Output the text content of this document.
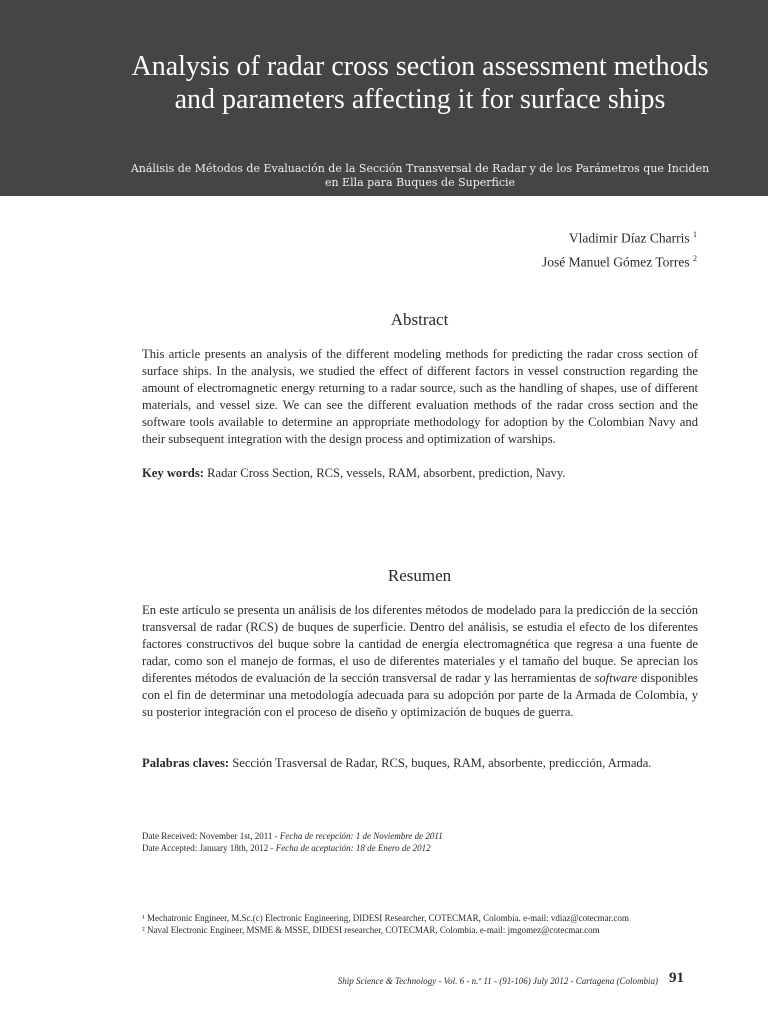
Analysis of radar cross section assessment methods and parameters affecting it for surface ships
Análisis de Métodos de Evaluación de la Sección Transversal de Radar y de los Parámetros que Inciden en Ella para Buques de Superficie
Vladimir Díaz Charris $^1$
José Manuel Gómez Torres $^2$
Abstract

This article presents an analysis of the different modeling methods for predicting the radar cross section of surface ships. In the analysis, we studied the effect of different factors in vessel construction regarding the amount of electromagnetic energy returning to a radar source, such as the handling of shapes, use of different materials, and vessel size. We can see the different evaluation methods of the radar cross section and the software tools available to determine an appropriate methodology for adoption by the Colombian Navy and their subsequent integration with the design process and optimization of warships.

Key words: Radar Cross Section, RCS, vessels, RAM, absorbent, prediction, Navy.

Resumen

En este artículo se presenta un análisis de los diferentes métodos de modelado para la predicción de la sección transversal de radar (RCS) de buques de superficie. Dentro del análisis, se estudia el efecto de los diferentes factores constructivos del buque sobre la cantidad de energía electromagnética que regresa a una fuente de radar, como son el manejo de formas, el uso de diferentes materiales y el tamaño del buque. Se aprecian los diferentes métodos de evaluación de la sección transversal de radar y las herramientas de software disponibles con el fin de determinar una metodología adecuada para su adopción por parte de la Armada de Colombia, y su posterior integración con el proceso de diseño y optimización de buques de guerra.

Palabras claves: Sección Trasversal de Radar, RCS, buques, RAM, absorbente, predicción, Armada.

Date Received: November 1st, 2011 - Fecha de recepción: 1 de Noviembre de 2011
Date Accepted: January 18th, 2012 - Fecha de aceptación: 18 de Enero de 2012
¹ Mechatronic Engineer, M.Sc.(c) Electronic Engineering, DIDESI Researcher, COTECMAR, Colombia. e-mail: vdiaz@cotecmar.com
² Naval Electronic Engineer, MSME & MSSE, DIDESI researcher, COTECMAR, Colombia. e-mail: jmgomez@cotecmar.com
Ship Science & Technology - Vol. 6 - n.º 11 - (91-106) July 2012 - Cartagena (Colombia) 91
